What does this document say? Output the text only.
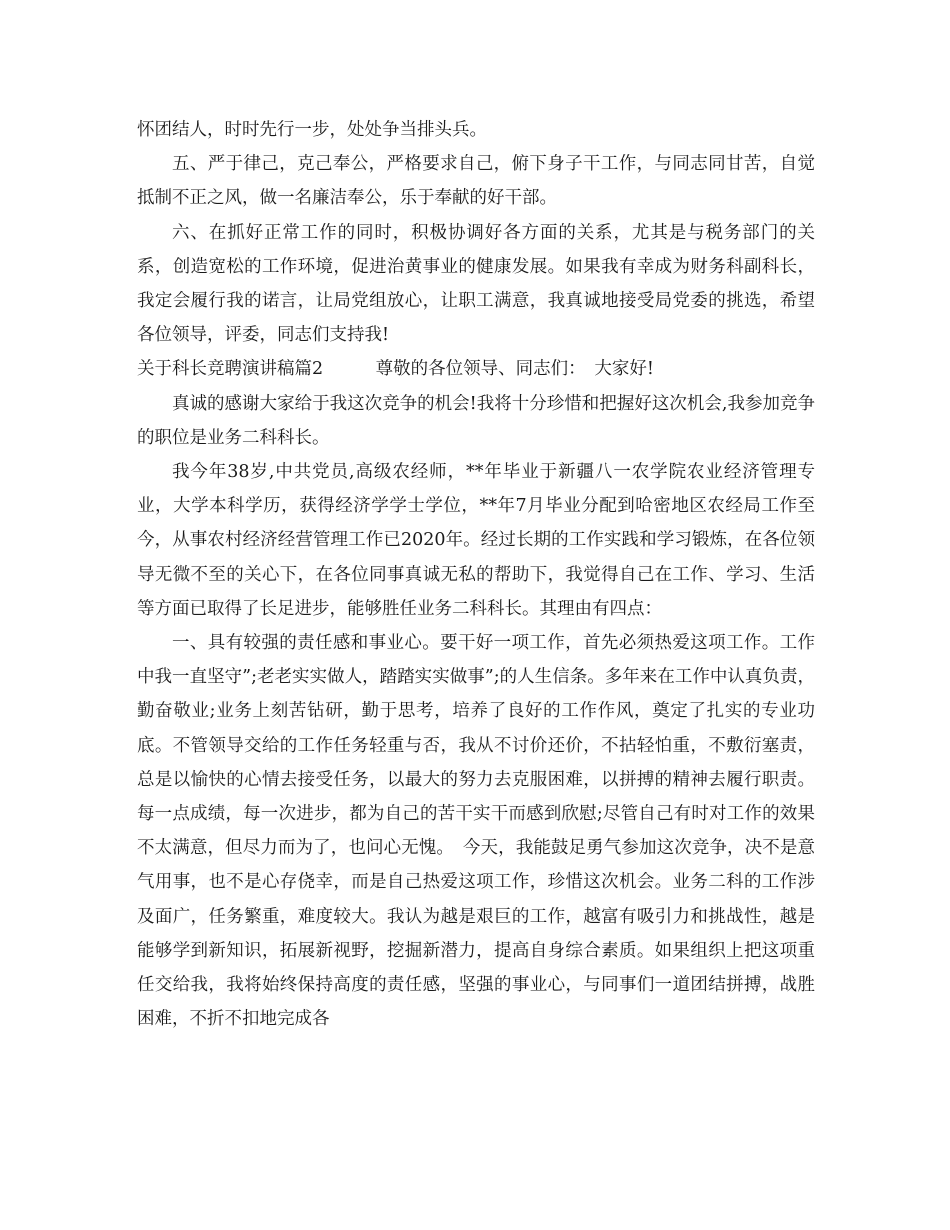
怀团结人，时时先行一步，处处争当排头兵。

五、严于律己，克己奉公，严格要求自己，俯下身子干工作，与同志同甘苦，自觉抵制不正之风，做一名廉洁奉公，乐于奉献的好干部。

六、在抓好正常工作的同时，积极协调好各方面的关系，尤其是与税务部门的关系，创造宽松的工作环境，促进治黄事业的健康发展。如果我有幸成为财务科副科长，我定会履行我的诺言，让局党组放心，让职工满意，我真诚地接受局党委的挑选，希望各位领导，评委，同志们支持我!

关于科长竞聘演讲稿篇2　　　尊敬的各位领导、同志们：　大家好!

真诚的感谢大家给于我这次竞争的机会!我将十分珍惜和把握好这次机会,我参加竞争的职位是业务二科科长。

我今年38岁,中共党员,高级农经师，**年毕业于新疆八一农学院农业经济管理专业，大学本科学历，获得经济学学士学位，**年7月毕业分配到哈密地区农经局工作至今，从事农村经济经营管理工作已2020年。经过长期的工作实践和学习锻炼，在各位领导无微不至的关心下，在各位同事真诚无私的帮助下，我觉得自己在工作、学习、生活等方面已取得了长足进步，能够胜任业务二科科长。其理由有四点：

一、具有较强的责任感和事业心。要干好一项工作，首先必须热爱这项工作。工作中我一直坚守”;老老实实做人，踏踏实实做事”;的人生信条。多年来在工作中认真负责，勤奋敬业;业务上刻苦钻研，勤于思考，培养了良好的工作作风，奠定了扎实的专业功底。不管领导交给的工作任务轻重与否，我从不讨价还价，不拈轻怕重，不敷衍塞责，总是以愉快的心情去接受任务，以最大的努力去克服困难，以拼搏的精神去履行职责。每一点成绩，每一次进步，都为自己的苦干实干而感到欣慰;尽管自己有时对工作的效果不太满意，但尽力而为了，也问心无愧。　今天，我能鼓足勇气参加这次竞争，决不是意气用事，也不是心存侥幸，而是自己热爱这项工作，珍惜这次机会。业务二科的工作涉及面广，任务繁重，难度较大。我认为越是艰巨的工作，越富有吸引力和挑战性，越是能够学到新知识，拓展新视野，挖掘新潜力，提高自身综合素质。如果组织上把这项重任交给我，我将始终保持高度的责任感，坚强的事业心，与同事们一道团结拼搏，战胜困难，不折不扣地完成各
